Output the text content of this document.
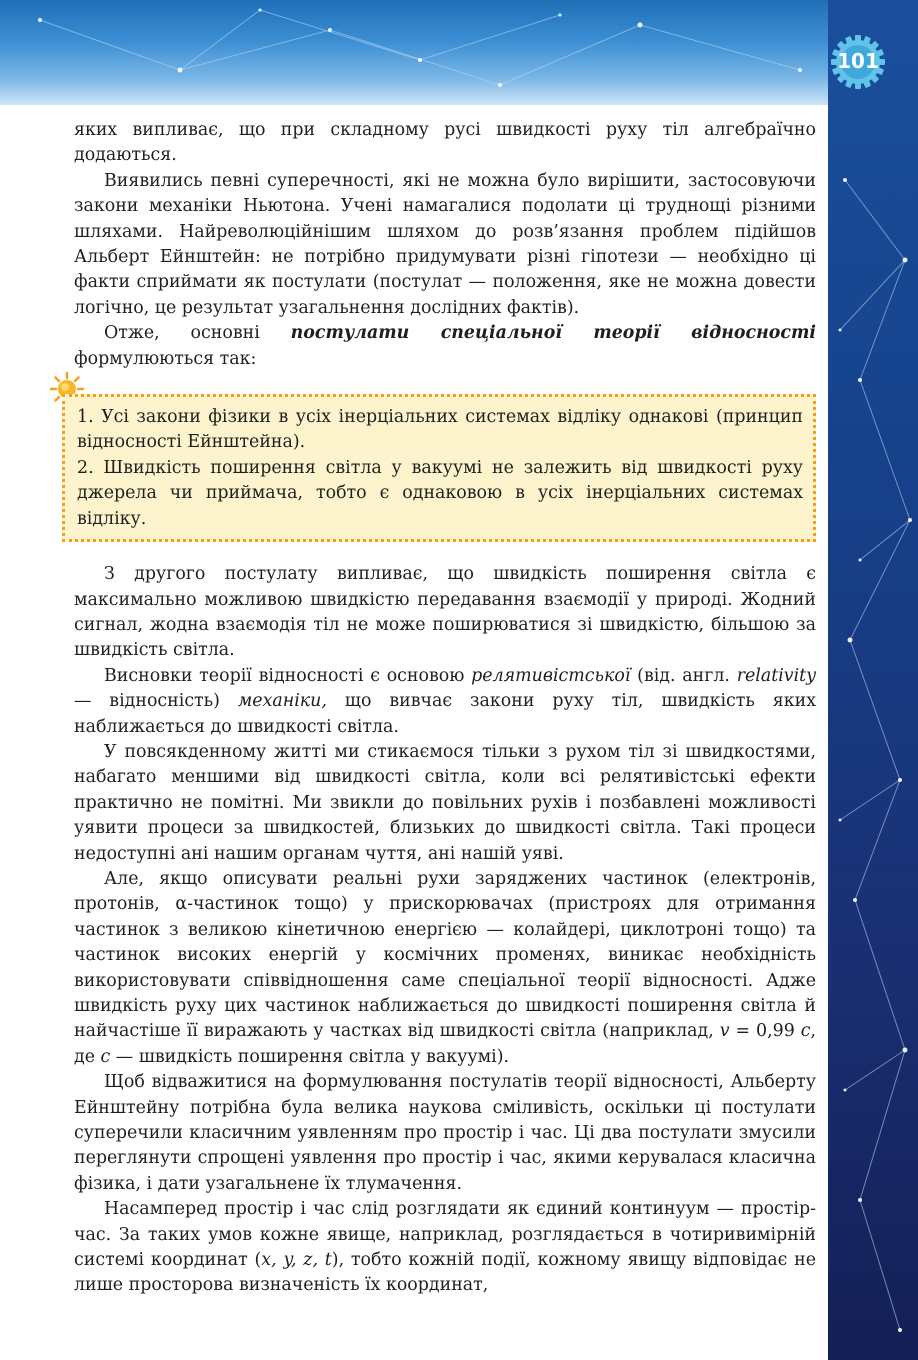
101

яких випливає, що при складному русі швидкості руху тіл алгебраїчно додаються.

Виявились певні суперечності, які не можна було вирішити, застосовуючи закони механіки Ньютона. Учені намагалися подолати ці труднощі різними шляхами. Найреволюційнішим шляхом до розв’язання проблем підійшов Альберт Ейнштейн: не потрібно придумувати різні гіпотези — необхідно ці факти сприймати як постулати (постулат — положення, яке не можна довести логічно, це результат узагальнення дослідних фактів).

Отже, основні постулати спеціальної теорії відносності формулюються так:

1. Усі закони фізики в усіх інерціальних системах відліку однакові (принцип відносності Ейнштейна).

2. Швидкість поширення світла у вакуумі не залежить від швидкості руху джерела чи приймача, тобто є однаковою в усіх інерціальних системах відліку.

З другого постулату випливає, що швидкість поширення світла є максимально можливою швидкістю передавання взаємодії у природі. Жодний сигнал, жодна взаємодія тіл не може поширюватися зі швидкістю, більшою за швидкість світла.

Висновки теорії відносності є основою релятивістської (від. англ. relativity — відносність) механіки, що вивчає закони руху тіл, швидкість яких наближається до швидкості світла.

У повсякденному житті ми стикаємося тільки з рухом тіл зі швидкостями, набагато меншими від швидкості світла, коли всі релятивістські ефекти практично не помітні. Ми звикли до повільних рухів і позбавлені можливості уявити процеси за швидкостей, близьких до швидкості світла. Такі процеси недоступні ані нашим органам чуття, ані нашій уяві.

Але, якщо описувати реальні рухи заряджених частинок (електронів, протонів, α-частинок тощо) у прискорювачах (пристроях для отримання частинок з великою кінетичною енергією — колайдері, циклотроні тощо) та частинок високих енергій у космічних променях, виникає необхідність використовувати співвідношення саме спеціальної теорії відносності. Адже швидкість руху цих частинок наближається до швидкості поширення світла й найчастіше її виражають у частках від швидкості світла (наприклад, v = 0,99 c, де c — швидкість поширення світла у вакуумі).

Щоб відважитися на формулювання постулатів теорії відносності, Альберту Ейнштейну потрібна була велика наукова сміливість, оскільки ці постулати суперечили класичним уявленням про простір і час. Ці два постулати змусили переглянути спрощені уявлення про простір і час, якими керувалася класична фізика, і дати узагальнене їх тлумачення.

Насамперед простір і час слід розглядати як єдиний континуум — простір-час. За таких умов кожне явище, наприклад, розглядається в чотиривимірній системі координат (x, y, z, t), тобто кожній події, кожному явищу відповідає не лише просторова визначеність їх координат,
